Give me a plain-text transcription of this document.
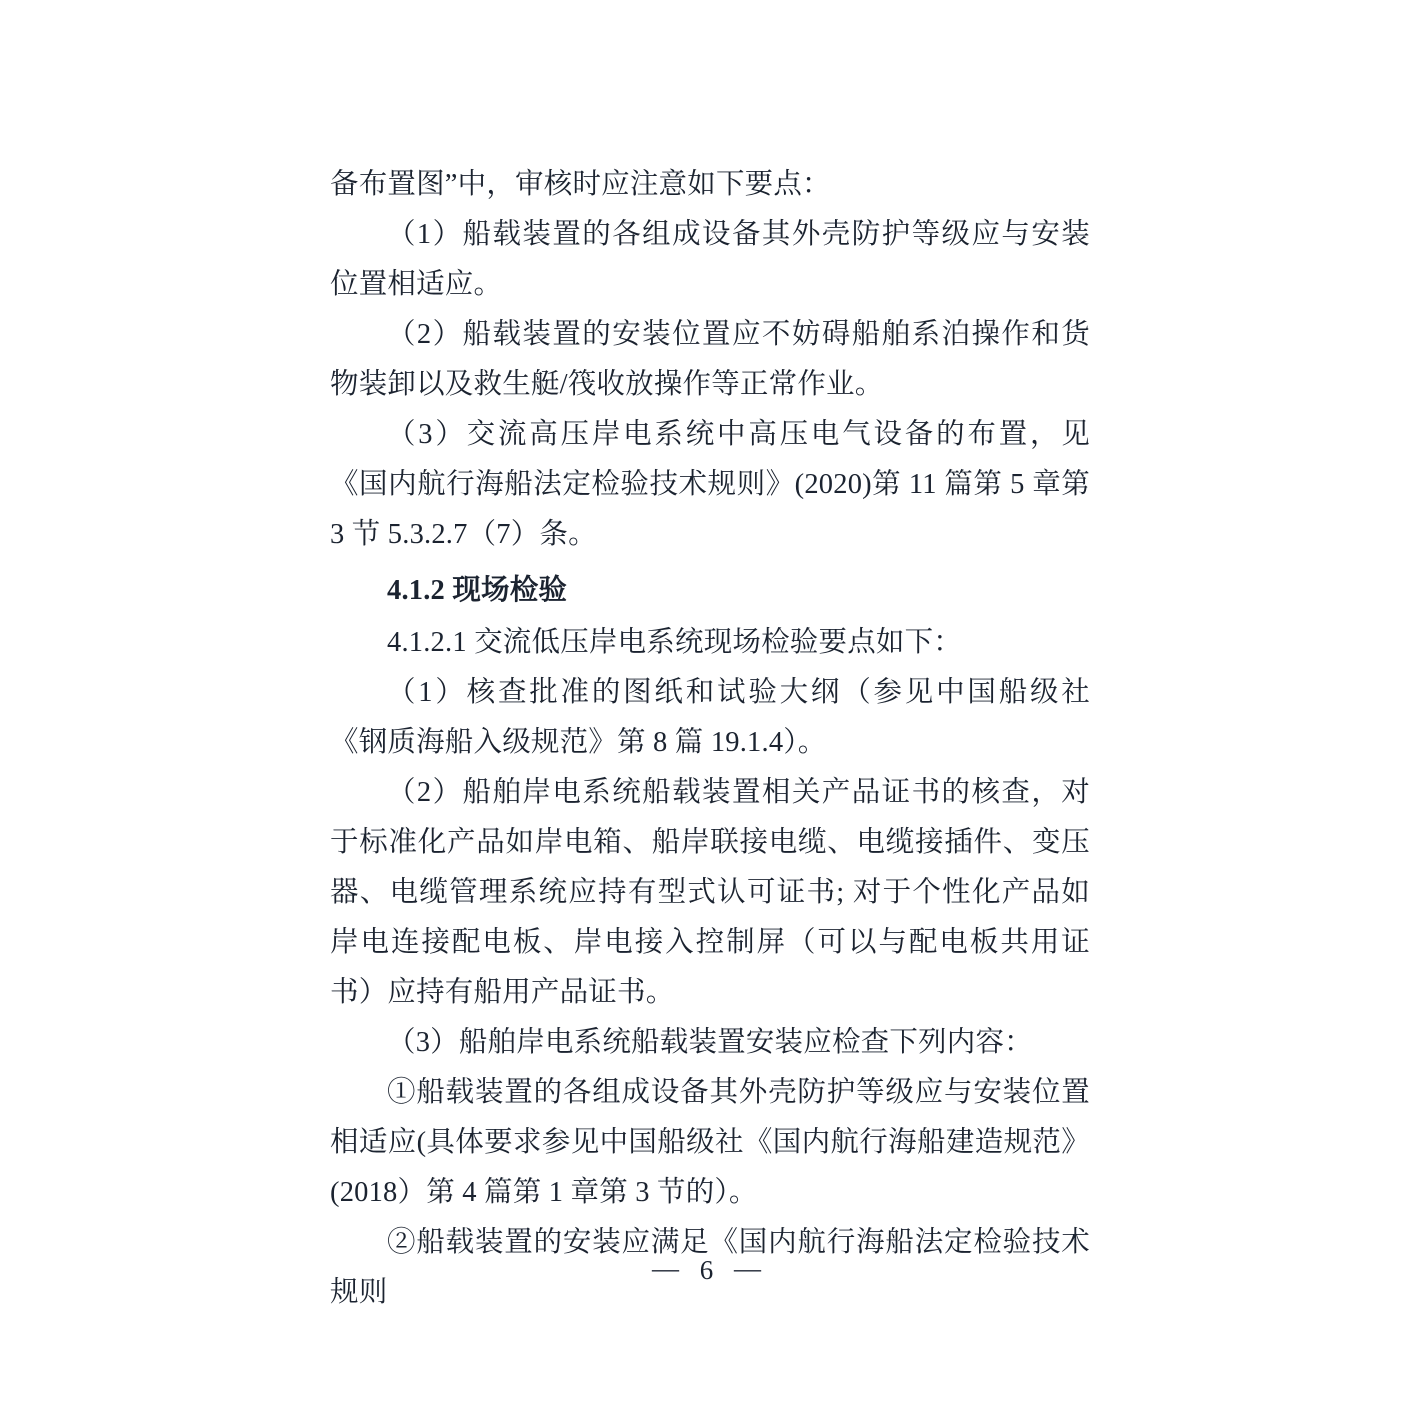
备布置图”中，审核时应注意如下要点：

（1）船载装置的各组成设备其外壳防护等级应与安装位置相适应。

（2）船载装置的安装位置应不妨碍船舶系泊操作和货物装卸以及救生艇/筏收放操作等正常作业。

（3）交流高压岸电系统中高压电气设备的布置，见《国内航行海船法定检验技术规则》(2020)第 11 篇第 5 章第 3 节 5.3.2.7（7）条。

4.1.2 现场检验

4.1.2.1 交流低压岸电系统现场检验要点如下：

（1）核查批准的图纸和试验大纲（参见中国船级社《钢质海船入级规范》第 8 篇 19.1.4）。

（2）船舶岸电系统船载装置相关产品证书的核查，对于标准化产品如岸电箱、船岸联接电缆、电缆接插件、变压器、电缆管理系统应持有型式认可证书; 对于个性化产品如岸电连接配电板、岸电接入控制屏（可以与配电板共用证书）应持有船用产品证书。

（3）船舶岸电系统船载装置安装应检查下列内容：

①船载装置的各组成设备其外壳防护等级应与安装位置相适应(具体要求参见中国船级社《国内航行海船建造规范》(2018）第 4 篇第 1 章第 3 节的）。

②船载装置的安装应满足《国内航行海船法定检验技术规则

— 6 —
